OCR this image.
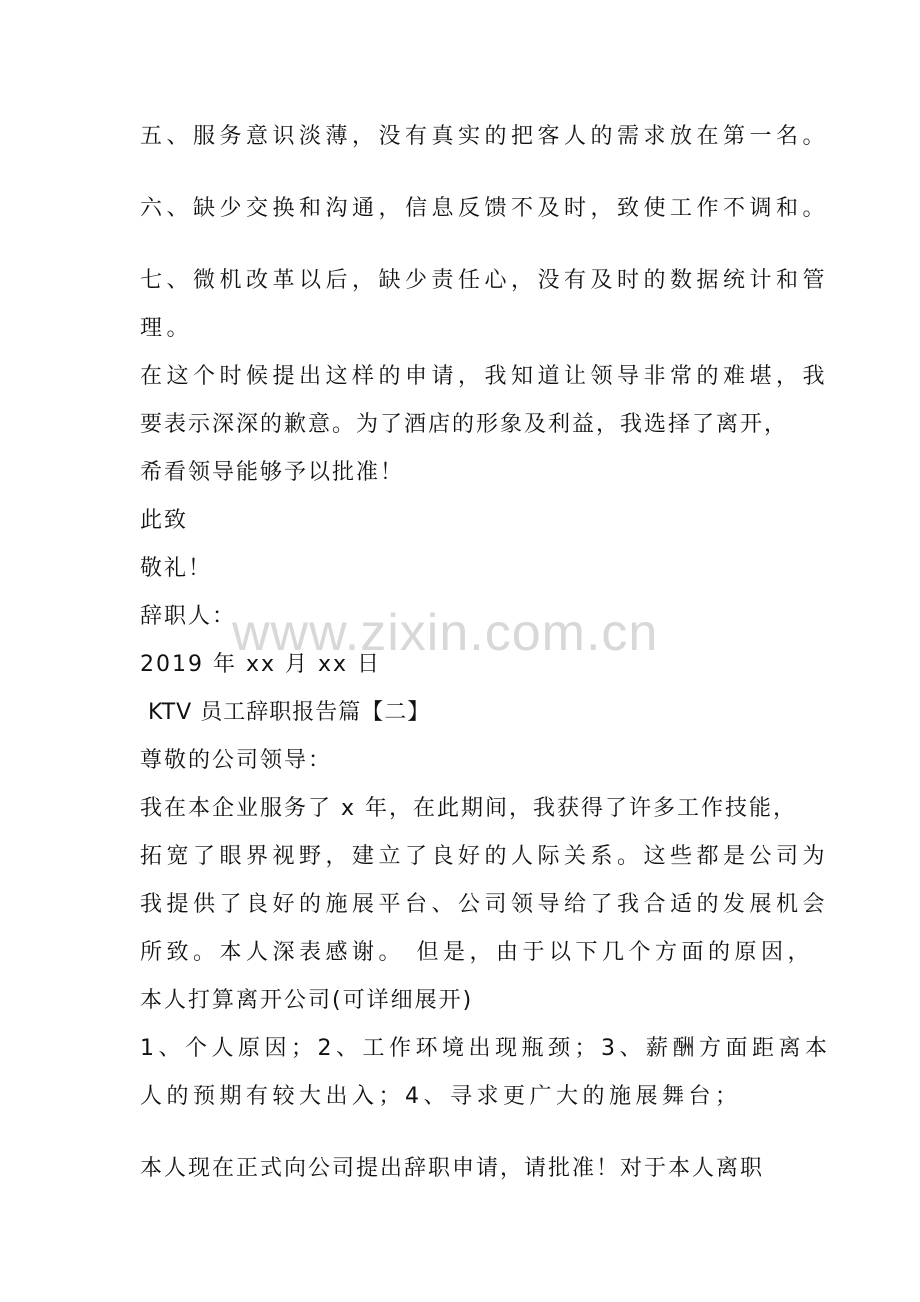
五、服务意识淡薄，没有真实的把客人的需求放在第一名。
六、缺少交换和沟通，信息反馈不及时，致使工作不调和。
七、微机改革以后，缺少责任心，没有及时的数据统计和管
理。
在这个时候提出这样的申请，我知道让领导非常的难堪，我
要表示深深的歉意。为了酒店的形象及利益，我选择了离开，
希看领导能够予以批准！
此致
敬礼！
辞职人：
2019 年 xx 月 xx 日
KTV 员工辞职报告篇【二】
尊敬的公司领导：
我在本企业服务了 x 年，在此期间，我获得了许多工作技能，
拓宽了眼界视野，建立了良好的人际关系。这些都是公司为
我提供了良好的施展平台、公司领导给了我合适的发展机会
所致。本人深表感谢。 但是，由于以下几个方面的原因，
本人打算离开公司(可详细展开)
1、个人原因；2、工作环境出现瓶颈；3、薪酬方面距离本
人的预期有较大出入；4、寻求更广大的施展舞台；
本人现在正式向公司提出辞职申请，请批准！对于本人离职
www.zixin.com.cn
